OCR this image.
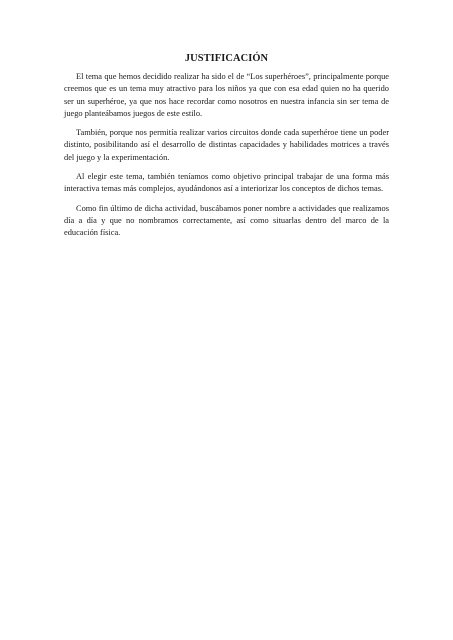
JUSTIFICACIÓN

El tema que hemos decidido realizar ha sido el de “Los superhéroes”, principalmente porque creemos que es un tema muy atractivo para los niños ya que con esa edad quien no ha querido ser un superhéroe, ya que nos hace recordar como nosotros en nuestra infancia sin ser tema de juego planteábamos juegos de este estilo.

También, porque nos permitía realizar varios circuitos donde cada superhéroe tiene un poder distinto, posibilitando así el desarrollo de distintas capacidades y habilidades motrices a través del juego y la experimentación.

Al elegir este tema, también teníamos como objetivo principal trabajar de una forma más interactiva temas más complejos, ayudándonos así a interiorizar los conceptos de dichos temas.

Como fin último de dicha actividad, buscábamos poner nombre a actividades que realizamos día a día y que no nombramos correctamente, así como situarlas dentro del marco de la educación física.
